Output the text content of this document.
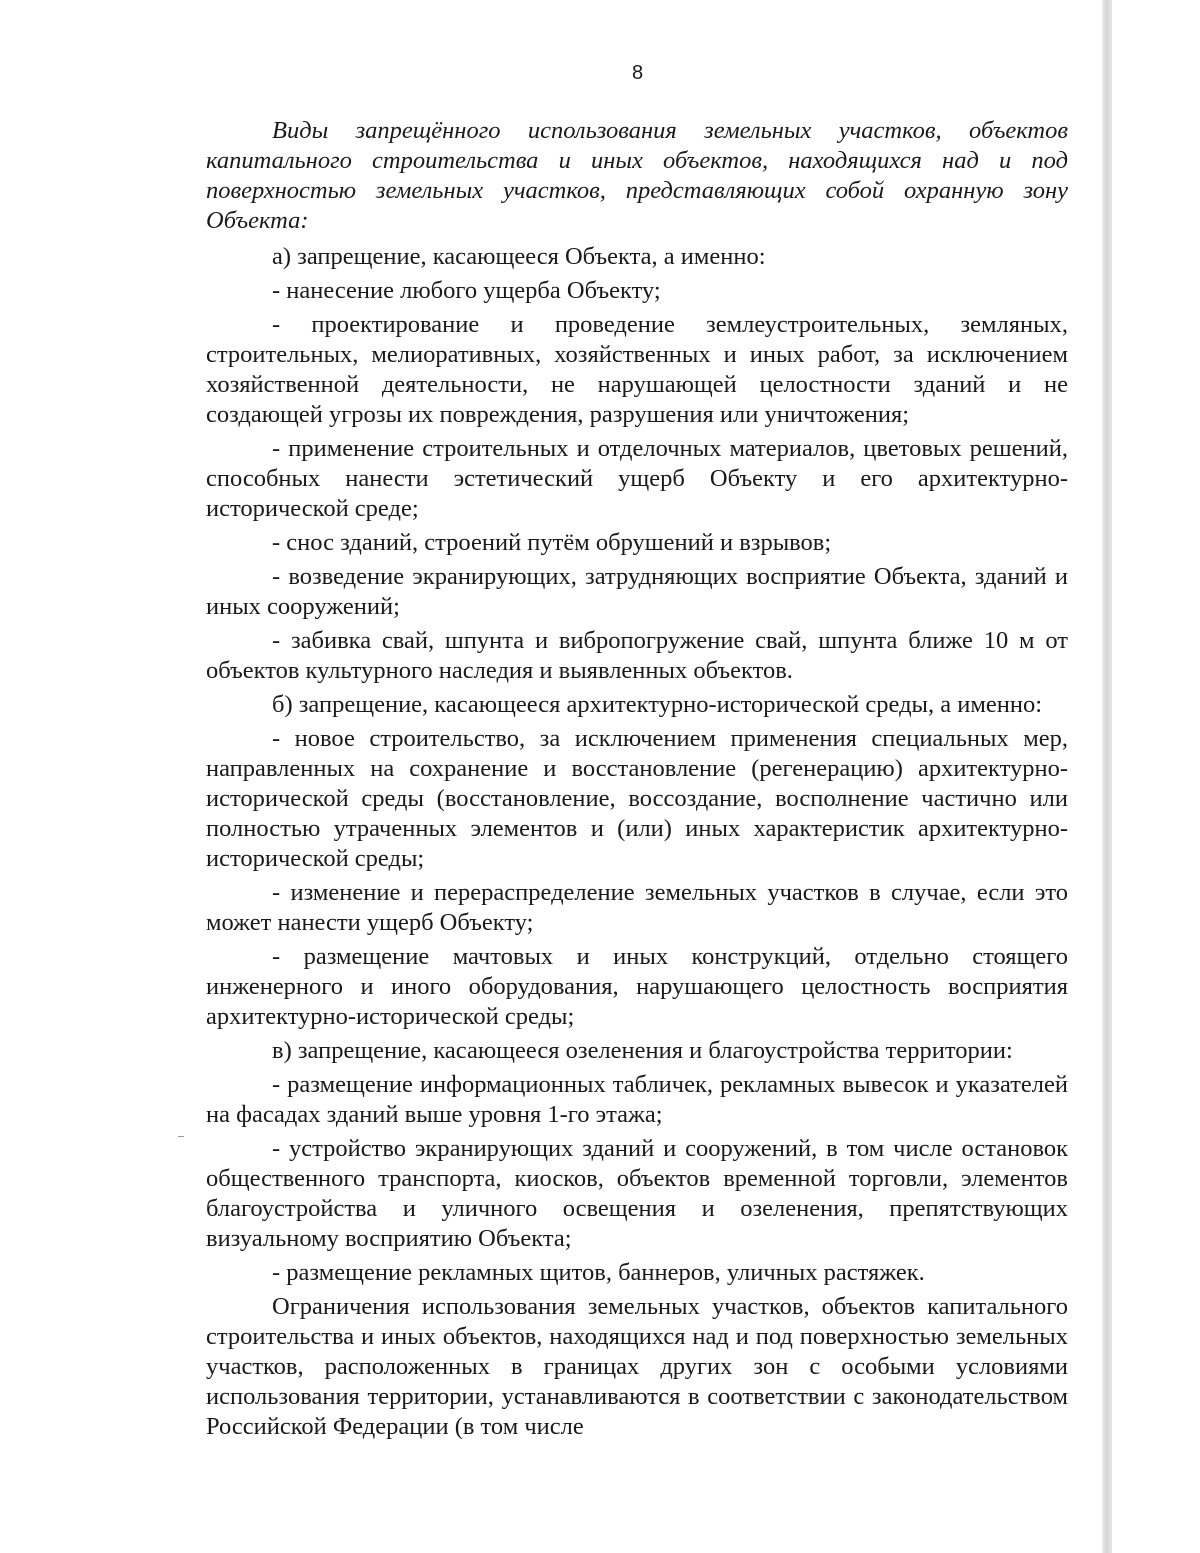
8

Виды запрещённого использования земельных участков, объектов капитального строительства и иных объектов, находящихся над и под поверхностью земельных участков, представляющих собой охранную зону Объекта:

а) запрещение, касающееся Объекта, а именно:

- нанесение любого ущерба Объекту;

- проектирование и проведение землеустроительных, земляных, строительных, мелиоративных, хозяйственных и иных работ, за исключением хозяйственной деятельности, не нарушающей целостности зданий и не создающей угрозы их повреждения, разрушения или уничтожения;

- применение строительных и отделочных материалов, цветовых решений, способных нанести эстетический ущерб Объекту и его архитектурно-исторической среде;

- снос зданий, строений путём обрушений и взрывов;

- возведение экранирующих, затрудняющих восприятие Объекта, зданий и иных сооружений;

- забивка свай, шпунта и вибропогружение свай, шпунта ближе 10 м от объектов культурного наследия и выявленных объектов.

б) запрещение, касающееся архитектурно-исторической среды, а именно:

- новое строительство, за исключением применения специальных мер, направленных на сохранение и восстановление (регенерацию) архитектурно-исторической среды (восстановление, воссоздание, восполнение частично или полностью утраченных элементов и (или) иных характеристик архитектурно-исторической среды;

- изменение и перераспределение земельных участков в случае, если это может нанести ущерб Объекту;

- размещение мачтовых и иных конструкций, отдельно стоящего инженерного и иного оборудования, нарушающего целостность восприятия архитектурно-исторической среды;

в) запрещение, касающееся озеленения и благоустройства территории:

- размещение информационных табличек, рекламных вывесок и указателей на фасадах зданий выше уровня 1-го этажа;

- устройство экранирующих зданий и сооружений, в том числе остановок общественного транспорта, киосков, объектов временной торговли, элементов благоустройства и уличного освещения и озеленения, препятствующих визуальному восприятию Объекта;

- размещение рекламных щитов, баннеров, уличных растяжек.

Ограничения использования земельных участков, объектов капитального строительства и иных объектов, находящихся над и под поверхностью земельных участков, расположенных в границах других зон с особыми условиями использования территории, устанавливаются в соответствии с законодательством Российской Федерации (в том числе
